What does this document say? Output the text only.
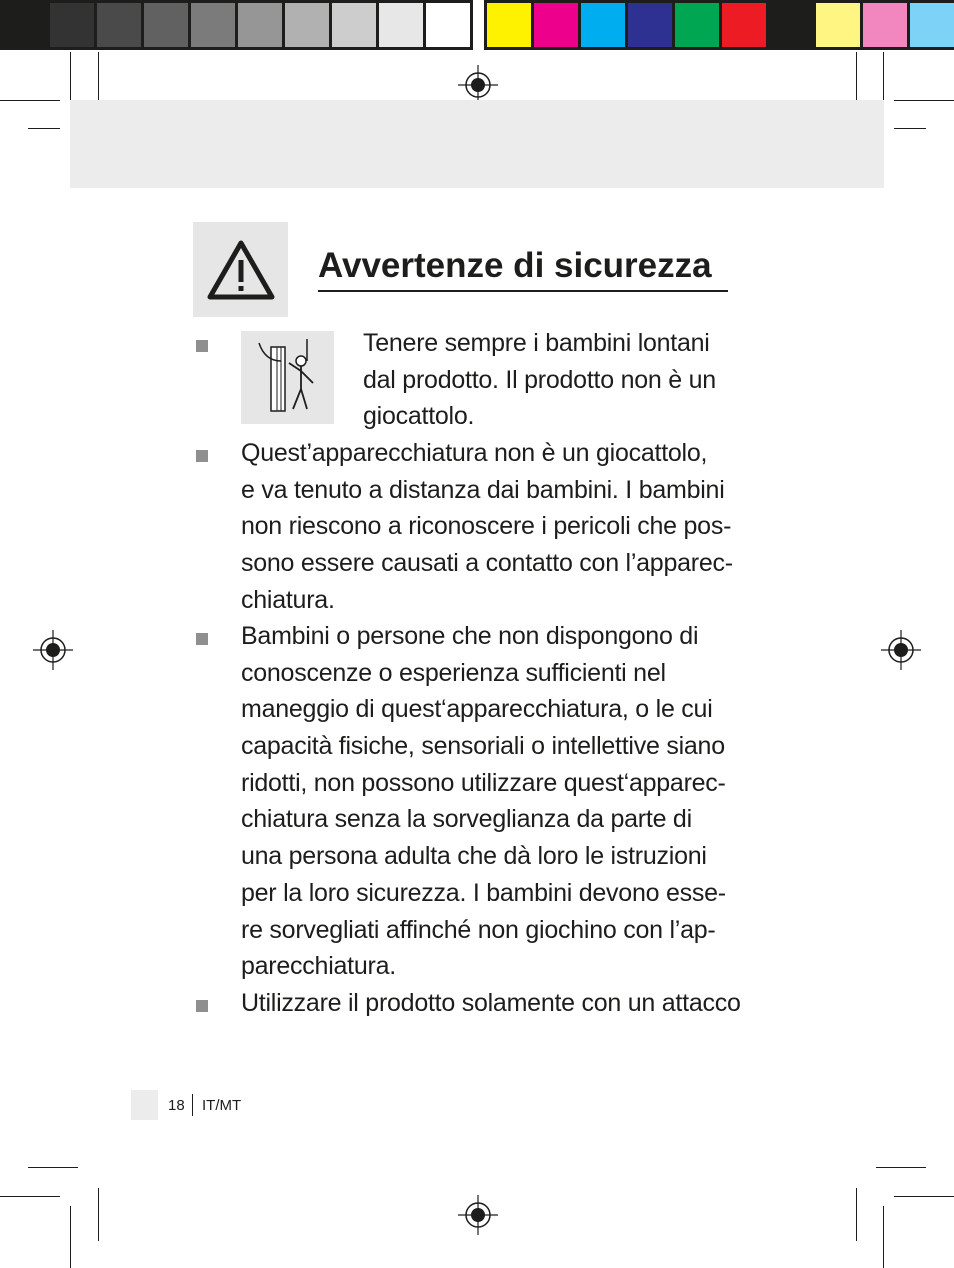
Avvertenze di sicurezza
Tenere sempre i bambini lontani
dal prodotto. Il prodotto non è un
giocattolo.
Quest’apparecchiatura non è un giocattolo,
e va tenuto a distanza dai bambini. I bambini
non riescono a riconoscere i pericoli che pos-
sono essere causati a contatto con l’apparec-
chiatura.
Bambini o persone che non dispongono di
conoscenze o esperienza sufficienti nel
maneggio di quest‘apparecchiatura, o le cui
capacità fisiche, sensoriali o intellettive siano
ridotti, non possono utilizzare quest‘apparec-
chiatura senza la sorveglianza da parte di
una persona adulta che dà loro le istruzioni
per la loro sicurezza. I bambini devono esse-
re sorvegliati affinché non giochino con l’ap-
parecchiatura.
Utilizzare il prodotto solamente con un attacco
18 IT/MT
